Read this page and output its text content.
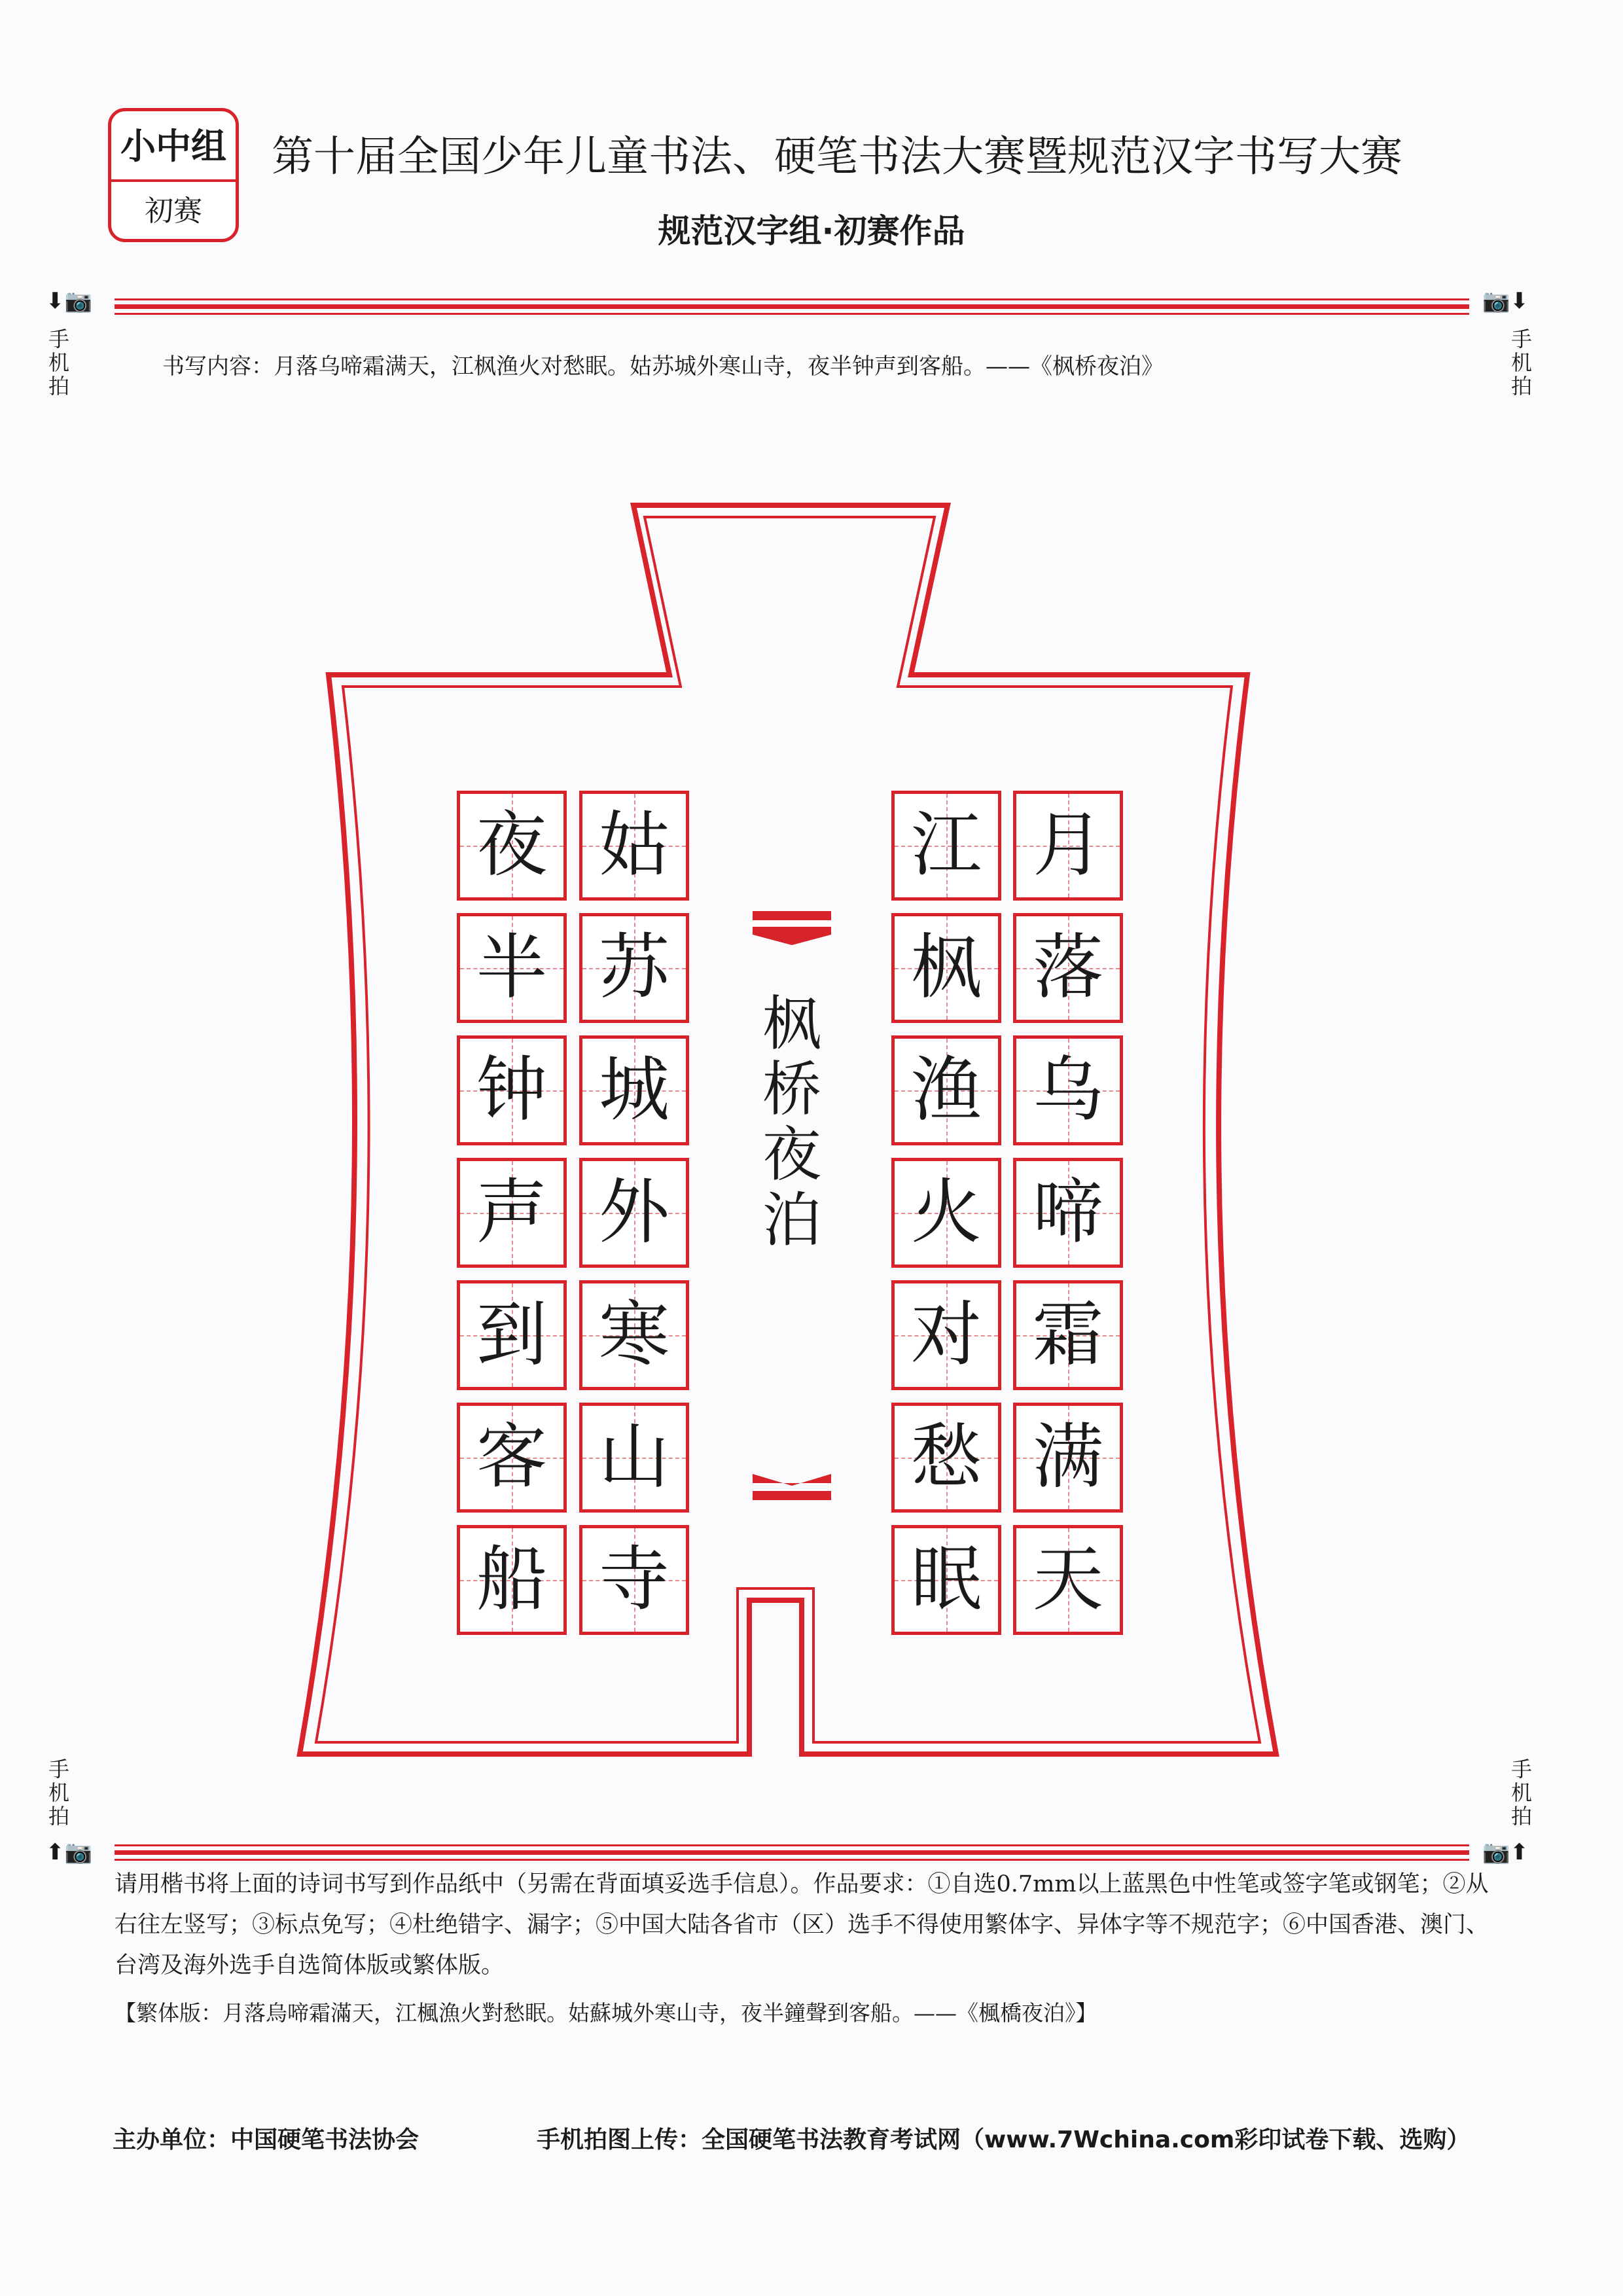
小中组
初赛
第十届全国少年儿童书法、硬笔书法大赛暨规范汉字书写大赛
规范汉字组·初赛作品
⬇📷	📷⬇
手机拍
手机拍
书写内容：月落乌啼霜满天，江枫渔火对愁眠。姑苏城外寒山寺，夜半钟声到客船。——《枫桥夜泊》
月
落
乌
啼
霜
满
天
江
枫
渔
火
对
愁
眠
姑
苏
城
外
寒
山
寺
夜
半
钟
声
到
客
船
枫桥夜泊
手机拍
手机拍
⬆📷	📷⬆
请用楷书将上面的诗词书写到作品纸中（另需在背面填妥选手信息）。作品要求：①自选0.7mm以上蓝黑色中性笔或签字笔或钢笔；②从右往左竖写；③标点免写；④杜绝错字、漏字；⑤中国大陆各省市（区）选手不得使用繁体字、异体字等不规范字；⑥中国香港、澳门、台湾及海外选手自选简体版或繁体版。
【繁体版：月落烏啼霜滿天，江楓漁火對愁眠。姑蘇城外寒山寺，夜半鐘聲到客船。——《楓橋夜泊》】
主办单位：中国硬笔书法协会	手机拍图上传：全国硬笔书法教育考试网（www.7Wchina.com彩印试卷下载、选购）
